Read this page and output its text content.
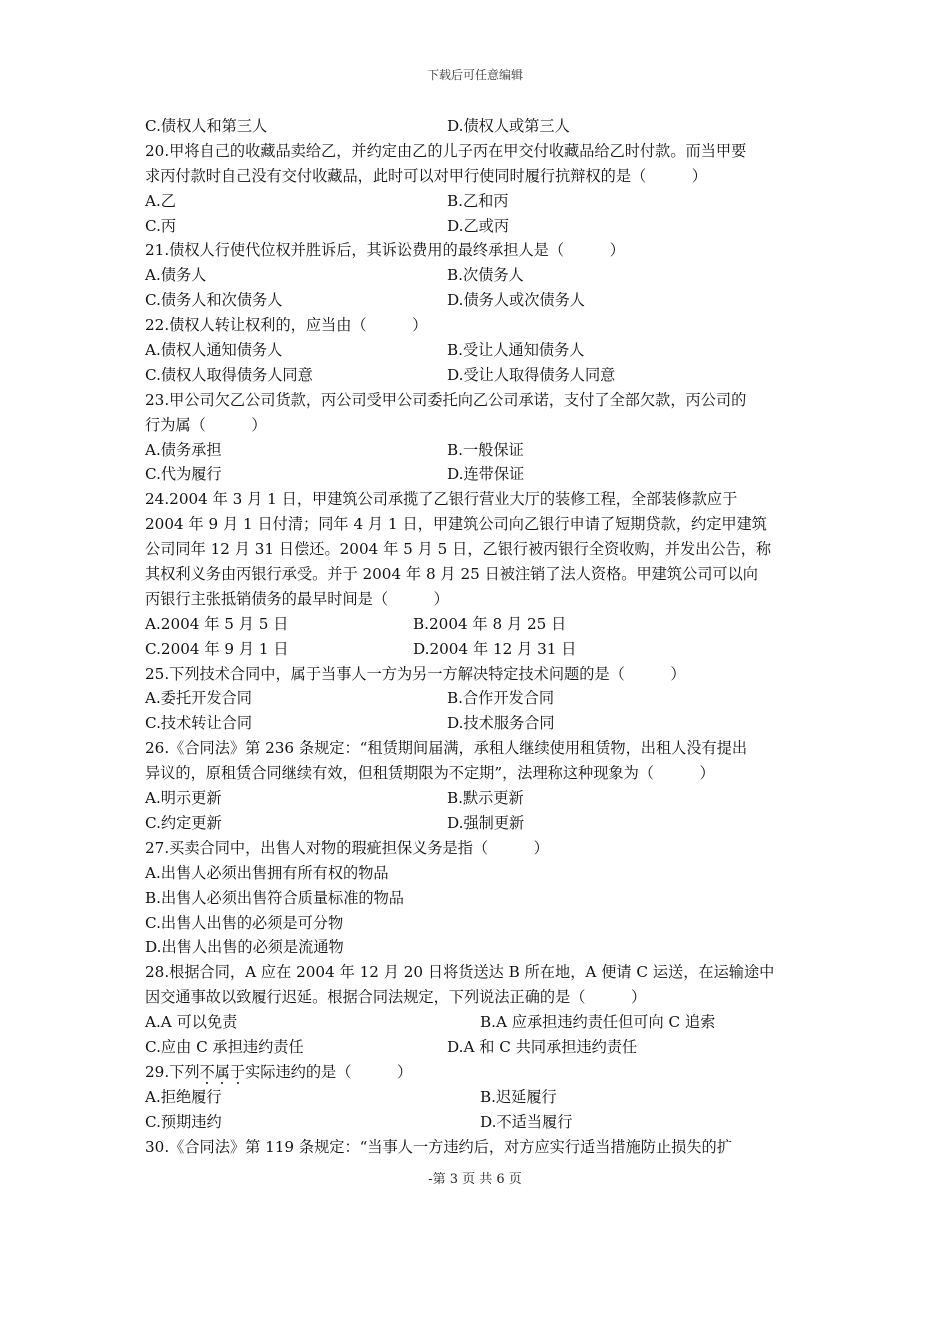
下载后可任意编辑
C.债权人和第三人	D.债权人或第三人
20.甲将自己的收藏品卖给乙，并约定由乙的儿子丙在甲交付收藏品给乙时付款。而当甲要
求丙付款时自己没有交付收藏品，此时可以对甲行使同时履行抗辩权的是（　　　）
A.乙	B.乙和丙
C.丙	D.乙或丙
21.债权人行使代位权并胜诉后，其诉讼费用的最终承担人是（　　　）
A.债务人	B.次债务人
C.债务人和次债务人	D.债务人或次债务人
22.债权人转让权利的，应当由（　　　）
A.债权人通知债务人	B.受让人通知债务人
C.债权人取得债务人同意	D.受让人取得债务人同意
23.甲公司欠乙公司货款，丙公司受甲公司委托向乙公司承诺，支付了全部欠款，丙公司的
行为属（　　　）
A.债务承担	B.一般保证
C.代为履行	D.连带保证
24.2004 年 3 月 1 日，甲建筑公司承揽了乙银行营业大厅的装修工程，全部装修款应于
2004 年 9 月 1 日付清；同年 4 月 1 日，甲建筑公司向乙银行申请了短期贷款，约定甲建筑
公司同年 12 月 31 日偿还。2004 年 5 月 5 日，乙银行被丙银行全资收购，并发出公告，称
其权利义务由丙银行承受。并于 2004 年 8 月 25 日被注销了法人资格。甲建筑公司可以向
丙银行主张抵销债务的最早时间是（　　　）
A.2004 年 5 月 5 日	B.2004 年 8 月 25 日
C.2004 年 9 月 1 日	D.2004 年 12 月 31 日
25.下列技术合同中，属于当事人一方为另一方解决特定技术问题的是（　　　）
A.委托开发合同	B.合作开发合同
C.技术转让合同	D.技术服务合同
26.《合同法》第 236 条规定：“租赁期间届满，承租人继续使用租赁物，出租人没有提出
异议的，原租赁合同继续有效，但租赁期限为不定期”，法理称这种现象为（　　　）
A.明示更新	B.默示更新
C.约定更新	D.强制更新
27.买卖合同中，出售人对物的瑕疵担保义务是指（　　　）
A.出售人必须出售拥有所有权的物品
B.出售人必须出售符合质量标准的物品
C.出售人出售的必须是可分物
D.出售人出售的必须是流通物
28.根据合同，A 应在 2004 年 12 月 20 日将货送达 B 所在地，A 便请 C 运送，在运输途中
因交通事故以致履行迟延。根据合同法规定，下列说法正确的是（　　　）
A.A 可以免责	B.A 应承担违约责任但可向 C 追索
C.应由 C 承担违约责任	D.A 和 C 共同承担违约责任
29.下列不属于实际违约的是（　　　）
A.拒绝履行	B.迟延履行
C.预期违约	D.不适当履行
30.《合同法》第 119 条规定：“当事人一方违约后，对方应实行适当措施防止损失的扩
-第 3 页 共 6 页
